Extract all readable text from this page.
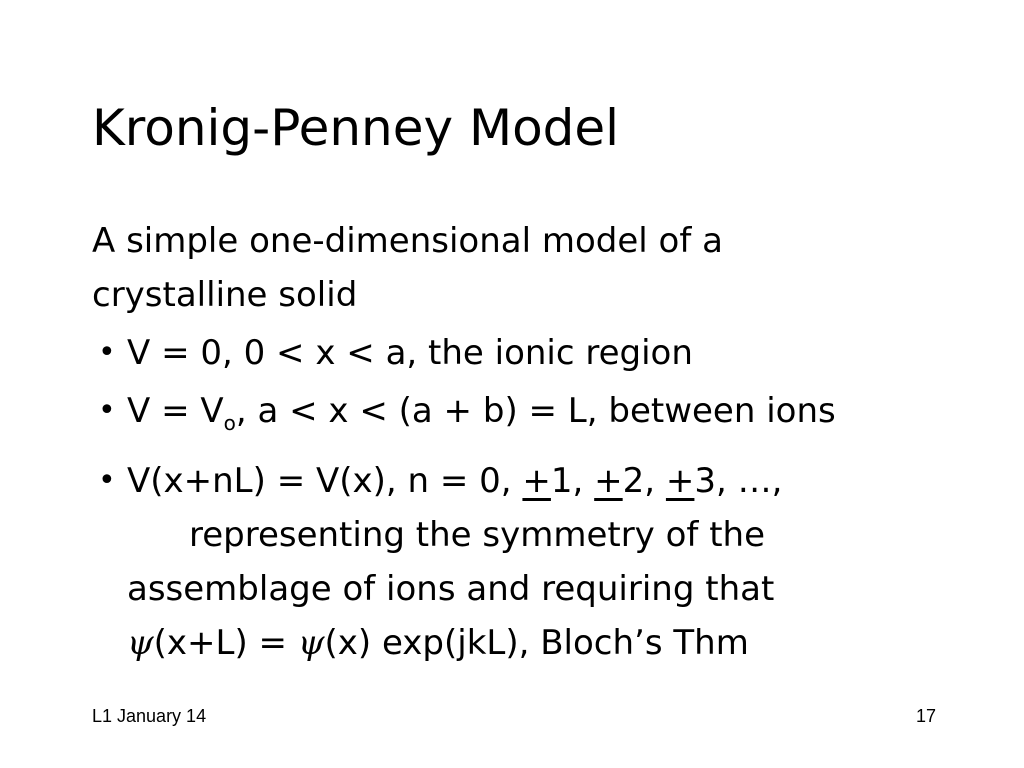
Kronig-Penney Model

A simple one-dimensional model of a
crystalline solid

• V = 0, 0 < x < a, the ionic region
• $V = V_o$, a < x < (a + b) = L, between ions
• V(x+nL) = V(x), n = 0, +1, +2, +3, …,
representing the symmetry of the
assemblage of ions and requiring that
ψ(x+L) = ψ(x) exp(jkL), Bloch’s Thm
L1 January 14	17
